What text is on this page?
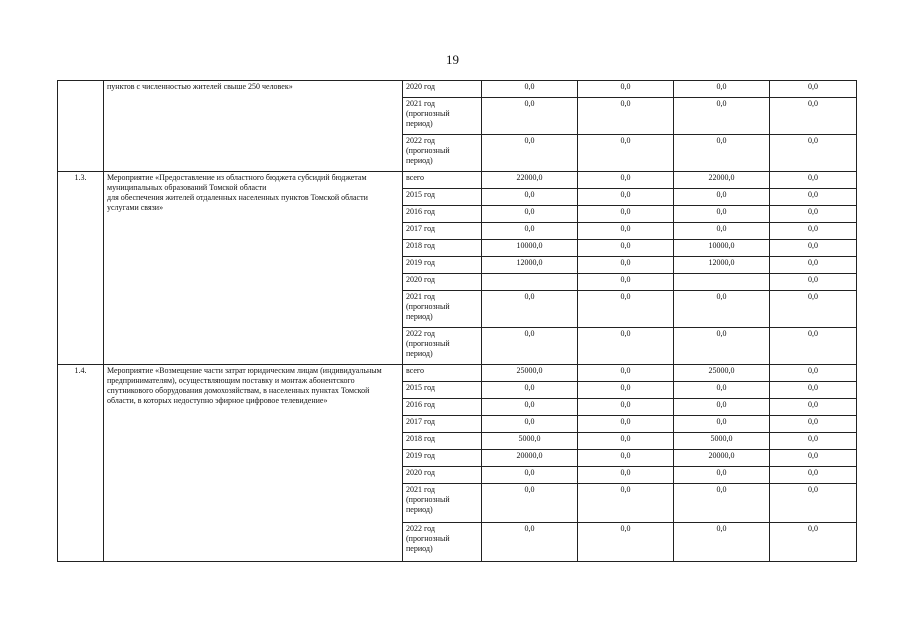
19
	пунктов с численностью жителей свыше 250 человек»	2020 год	0,0	0,0	0,0	0,0
		2021 год
(прогнозный
период)	0,0	0,0	0,0	0,0
		2022 год
(прогнозный
период)	0,0	0,0	0,0	0,0
1.3.	Мероприятие «Предоставление из областного бюджета субсидий бюджетам муниципальных образований Томской области
для обеспечения жителей отдаленных населенных пунктов Томской области услугами связи»	всего	22000,0	0,0	22000,0	0,0
		2015 год	0,0	0,0	0,0	0,0
		2016 год	0,0	0,0	0,0	0,0
		2017 год	0,0	0,0	0,0	0,0
		2018 год	10000,0	0,0	10000,0	0,0
		2019 год	12000,0	0,0	12000,0	0,0
		2020 год		0,0		0,0
		2021 год
(прогнозный
период)	0,0	0,0	0,0	0,0
		2022 год
(прогнозный
период)	0,0	0,0	0,0	0,0
1.4.	Мероприятие «Возмещение части затрат юридическим лицам (индивидуальным предпринимателям), осуществляющим поставку и монтаж абонентского спутникового оборудования домохозяйствам, в населенных пунктах Томской области, в которых недоступно эфирное цифровое телевидение»	всего	25000,0	0,0	25000,0	0,0
		2015 год	0,0	0,0	0,0	0,0
		2016 год	0,0	0,0	0,0	0,0
		2017 год	0,0	0,0	0,0	0,0
		2018 год	5000,0	0,0	5000,0	0,0
		2019 год	20000,0	0,0	20000,0	0,0
		2020 год	0,0	0,0	0,0	0,0
		2021 год
(прогнозный
период)	0,0	0,0	0,0	0,0
		2022 год
(прогнозный
период)	0,0	0,0	0,0	0,0
